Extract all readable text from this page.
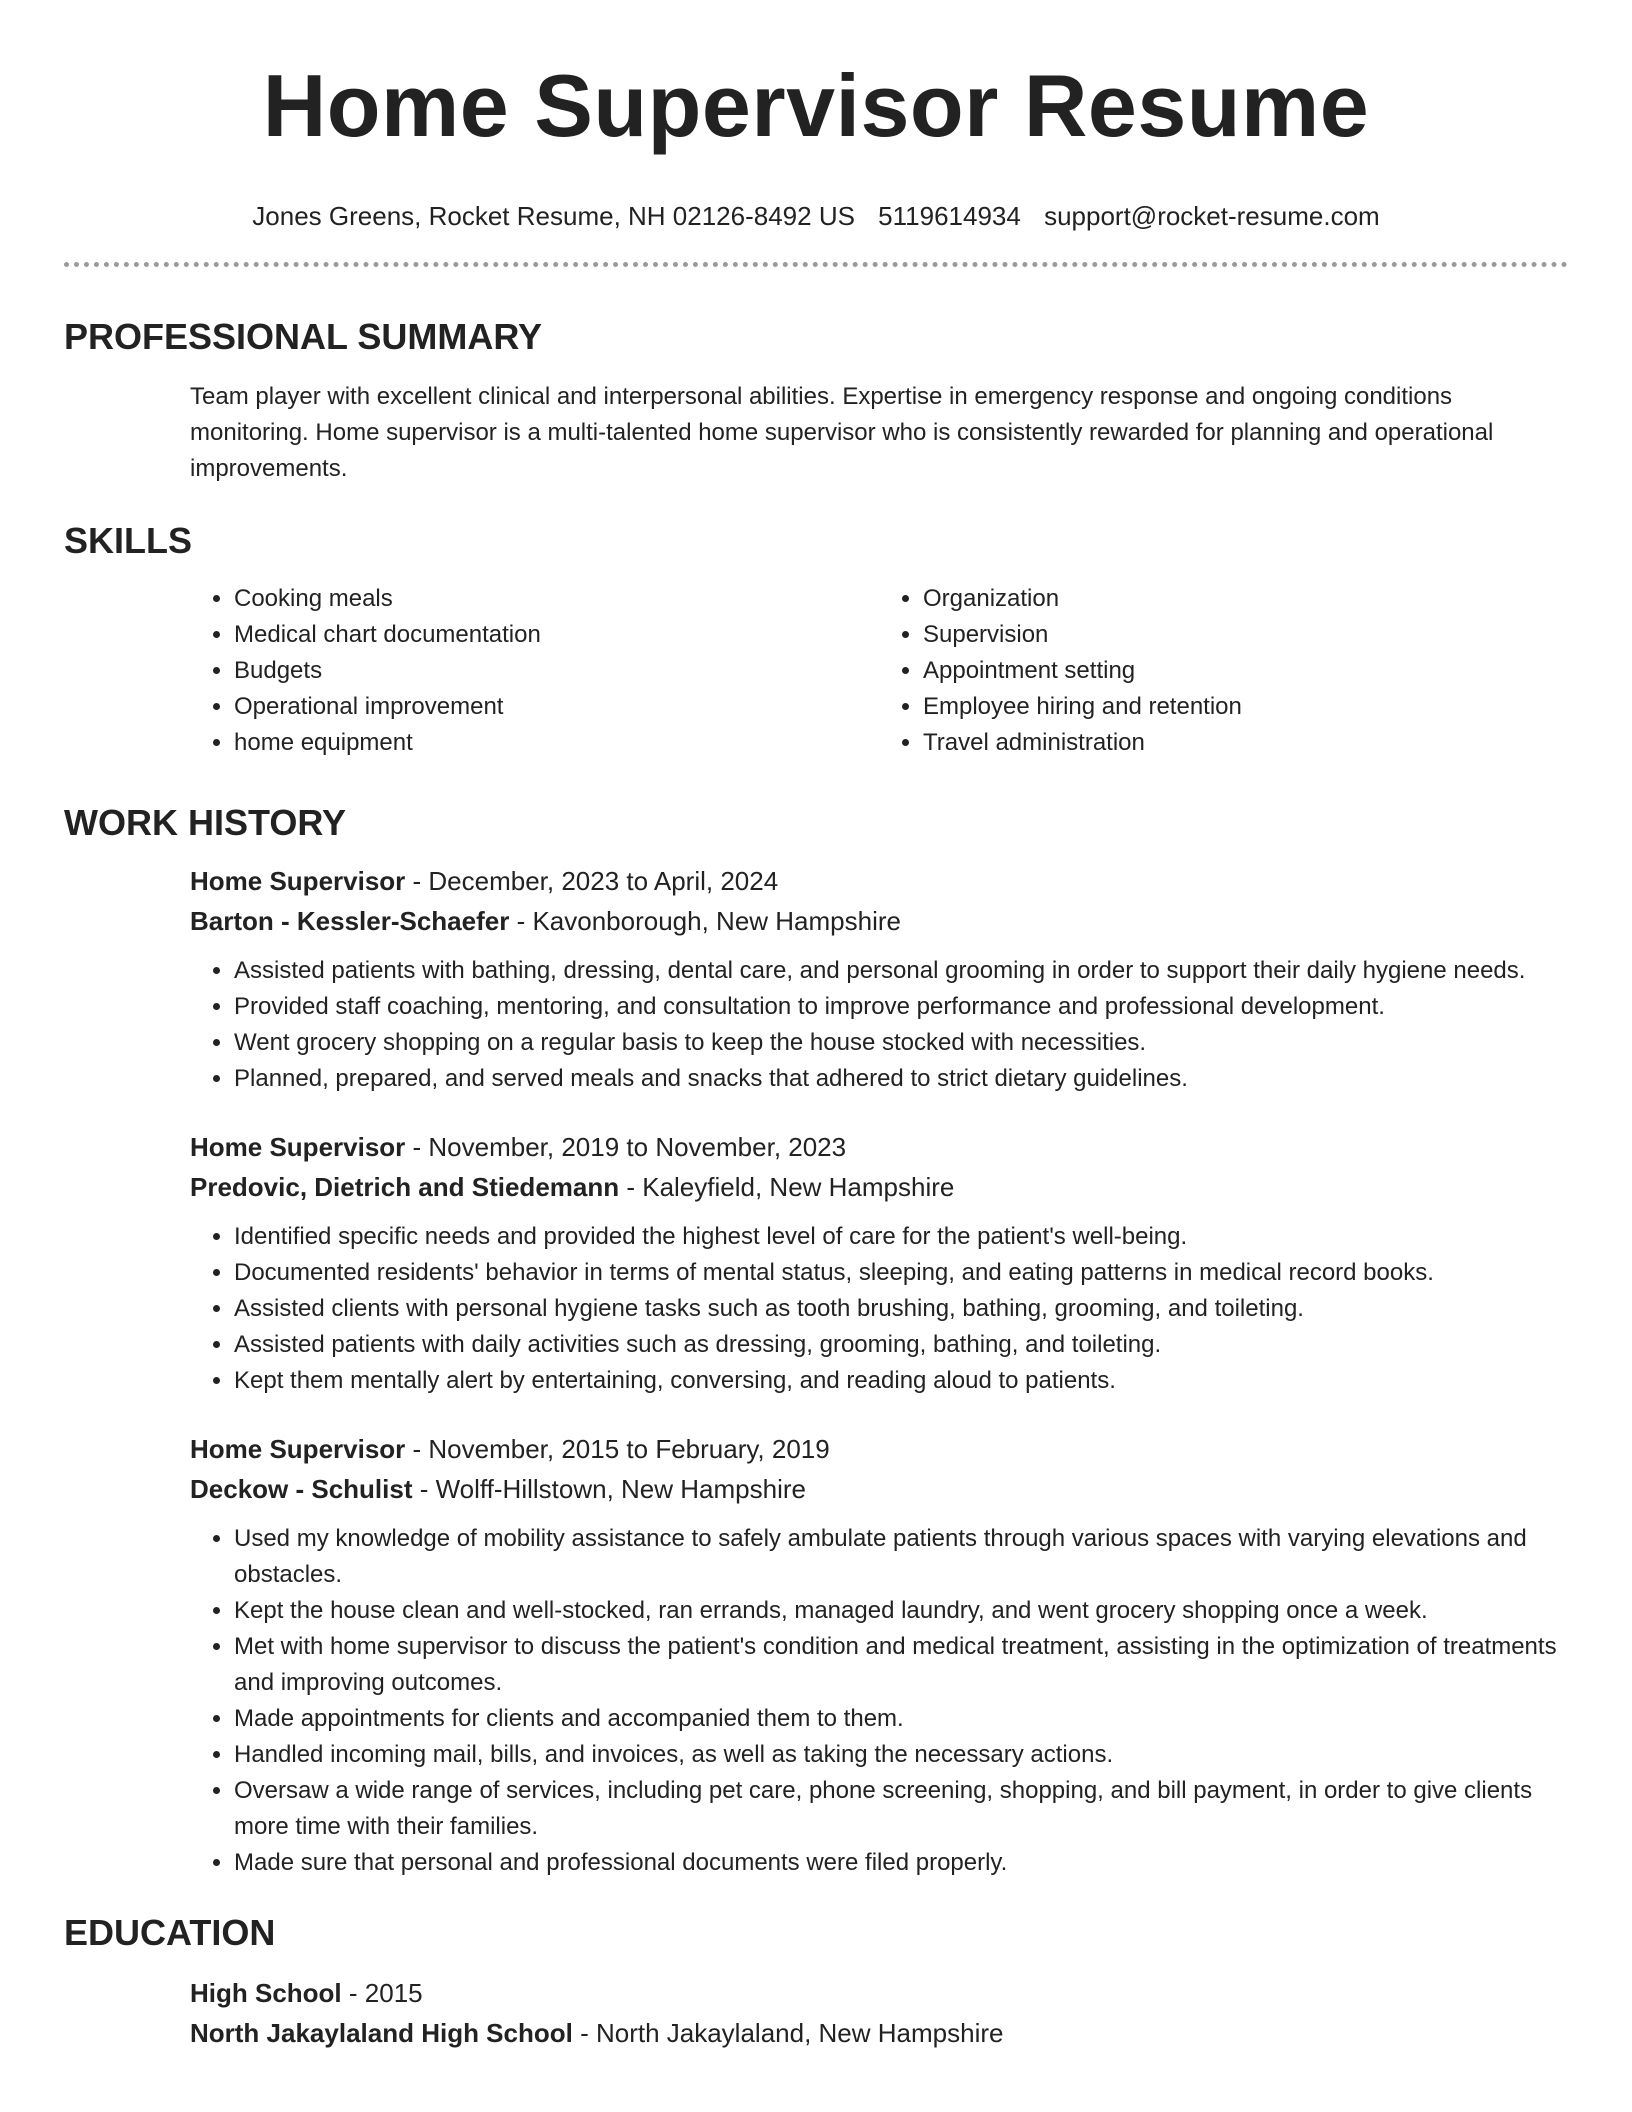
Home Supervisor Resume
Jones Greens, Rocket Resume, NH 02126-8492 US 5119614934 support@rocket-resume.com
PROFESSIONAL SUMMARY

Team player with excellent clinical and interpersonal abilities. Expertise in emergency response and ongoing conditions monitoring. Home supervisor is a multi-talented home supervisor who is consistently rewarded for planning and operational improvements.

SKILLS
• Cooking meals
• Medical chart documentation
• Budgets
• Operational improvement
• home equipment
• Organization
• Supervision
• Appointment setting
• Employee hiring and retention
• Travel administration
WORK HISTORY
Home Supervisor - December, 2023 to April, 2024
Barton - Kessler-Schaefer - Kavonborough, New Hampshire
• Assisted patients with bathing, dressing, dental care, and personal grooming in order to support their daily hygiene needs.
• Provided staff coaching, mentoring, and consultation to improve performance and professional development.
• Went grocery shopping on a regular basis to keep the house stocked with necessities.
• Planned, prepared, and served meals and snacks that adhered to strict dietary guidelines.
Home Supervisor - November, 2019 to November, 2023
Predovic, Dietrich and Stiedemann - Kaleyfield, New Hampshire
• Identified specific needs and provided the highest level of care for the patient's well-being.
• Documented residents' behavior in terms of mental status, sleeping, and eating patterns in medical record books.
• Assisted clients with personal hygiene tasks such as tooth brushing, bathing, grooming, and toileting.
• Assisted patients with daily activities such as dressing, grooming, bathing, and toileting.
• Kept them mentally alert by entertaining, conversing, and reading aloud to patients.
Home Supervisor - November, 2015 to February, 2019
Deckow - Schulist - Wolff-Hillstown, New Hampshire
• Used my knowledge of mobility assistance to safely ambulate patients through various spaces with varying elevations and obstacles.
• Kept the house clean and well-stocked, ran errands, managed laundry, and went grocery shopping once a week.
• Met with home supervisor to discuss the patient's condition and medical treatment, assisting in the optimization of treatments and improving outcomes.
• Made appointments for clients and accompanied them to them.
• Handled incoming mail, bills, and invoices, as well as taking the necessary actions.
• Oversaw a wide range of services, including pet care, phone screening, shopping, and bill payment, in order to give clients more time with their families.
• Made sure that personal and professional documents were filed properly.
EDUCATION
High School - 2015
North Jakaylaland High School - North Jakaylaland, New Hampshire
